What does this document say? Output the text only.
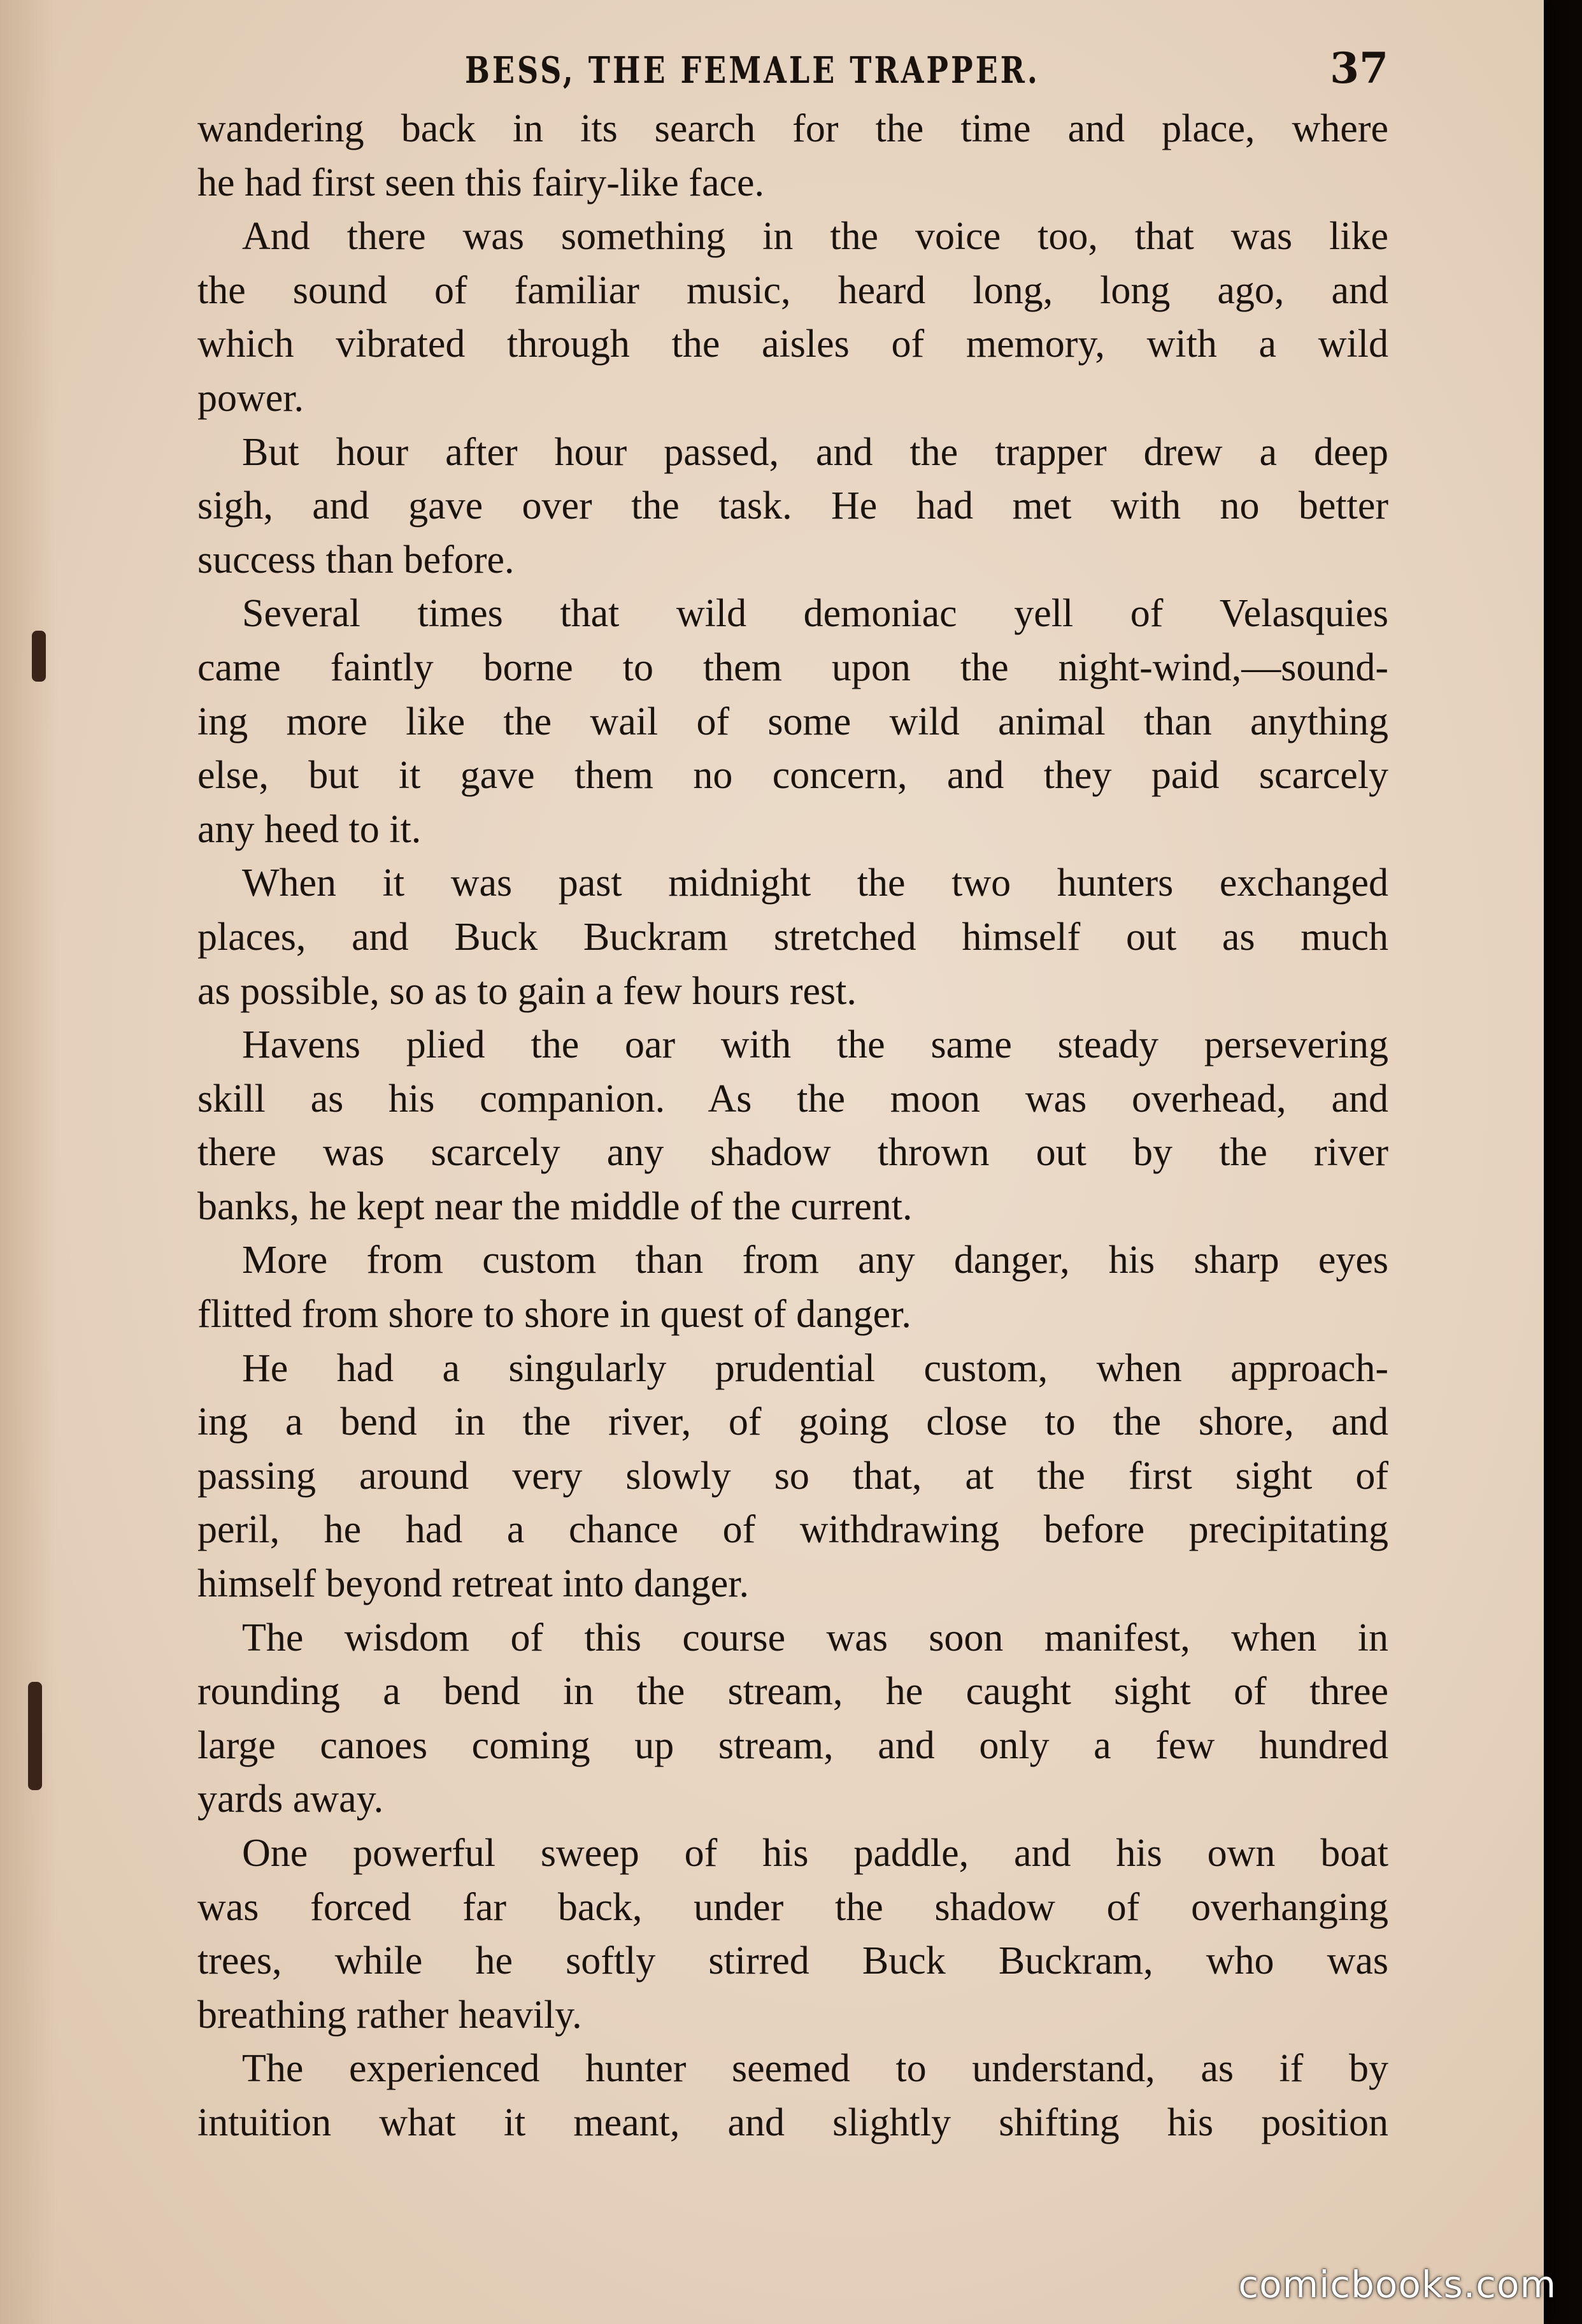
BESS, THE FEMALE TRAPPER.	37
wandering back in its search for the time and place, where
he had first seen this fairy-like face.
And there was something in the voice too, that was like
the sound of familiar music, heard long, long ago, and
which vibrated through the aisles of memory, with a wild
power.
But hour after hour passed, and the trapper drew a deep
sigh, and gave over the task. He had met with no better
success than before.
Several times that wild demoniac yell of Velasquies
came faintly borne to them upon the night-wind,—sound-
ing more like the wail of some wild animal than anything
else, but it gave them no concern, and they paid scarcely
any heed to it.
When it was past midnight the two hunters exchanged
places, and Buck Buckram stretched himself out as much
as possible, so as to gain a few hours rest.
Havens plied the oar with the same steady persevering
skill as his companion. As the moon was overhead, and
there was scarcely any shadow thrown out by the river
banks, he kept near the middle of the current.
More from custom than from any danger, his sharp eyes
flitted from shore to shore in quest of danger.
He had a singularly prudential custom, when approach-
ing a bend in the river, of going close to the shore, and
passing around very slowly so that, at the first sight of
peril, he had a chance of withdrawing before precipitating
himself beyond retreat into danger.
The wisdom of this course was soon manifest, when in
rounding a bend in the stream, he caught sight of three
large canoes coming up stream, and only a few hundred
yards away.
One powerful sweep of his paddle, and his own boat
was forced far back, under the shadow of overhanging
trees, while he softly stirred Buck Buckram, who was
breathing rather heavily.
The experienced hunter seemed to understand, as if by
intuition what it meant, and slightly shifting his position
comicbooks.com
